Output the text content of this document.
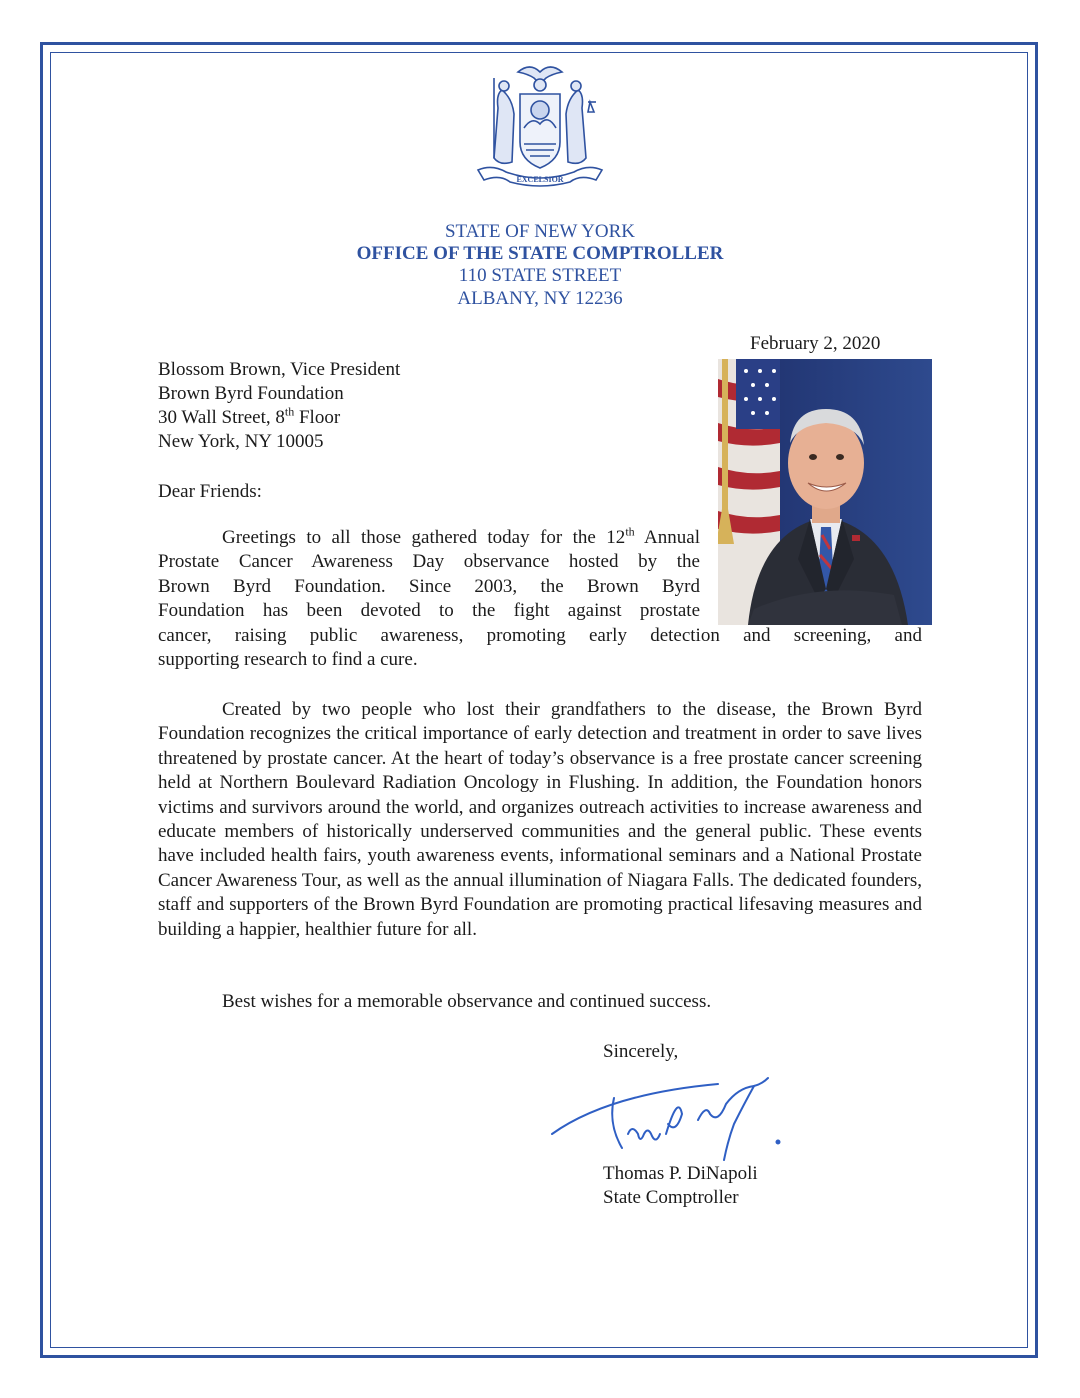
EXCELSIOR

STATE OF NEW YORK

OFFICE OF THE STATE COMPTROLLER

110 STATE STREET

ALBANY, NY 12236

February 2, 2020
Blossom Brown, Vice President
Brown Byrd Foundation
30 Wall Street, 8th Floor
New York, NY 10005
Dear Friends:
Greetings to all those gathered today for the 12th Annual
Prostate Cancer Awareness Day observance hosted by the
Brown Byrd Foundation. Since 2003, the Brown Byrd
Foundation has been devoted to the fight against prostate
cancer, raising public awareness, promoting early detection and screening, and
supporting research to find a cure.

Created by two people who lost their grandfathers to the disease, the Brown Byrd Foundation recognizes the critical importance of early detection and treatment in order to save lives threatened by prostate cancer. At the heart of today’s observance is a free prostate cancer screening held at Northern Boulevard Radiation Oncology in Flushing. In addition, the Foundation honors victims and survivors around the world, and organizes outreach activities to increase awareness and educate members of historically underserved communities and the general public. These events have included health fairs, youth awareness events, informational seminars and a National Prostate Cancer Awareness Tour, as well as the annual illumination of Niagara Falls. The dedicated founders, staff and supporters of the Brown Byrd Foundation are promoting practical lifesaving measures and building a happier, healthier future for all.

Best wishes for a memorable observance and continued success.

Sincerely,
Thomas P. DiNapoli
State Comptroller
